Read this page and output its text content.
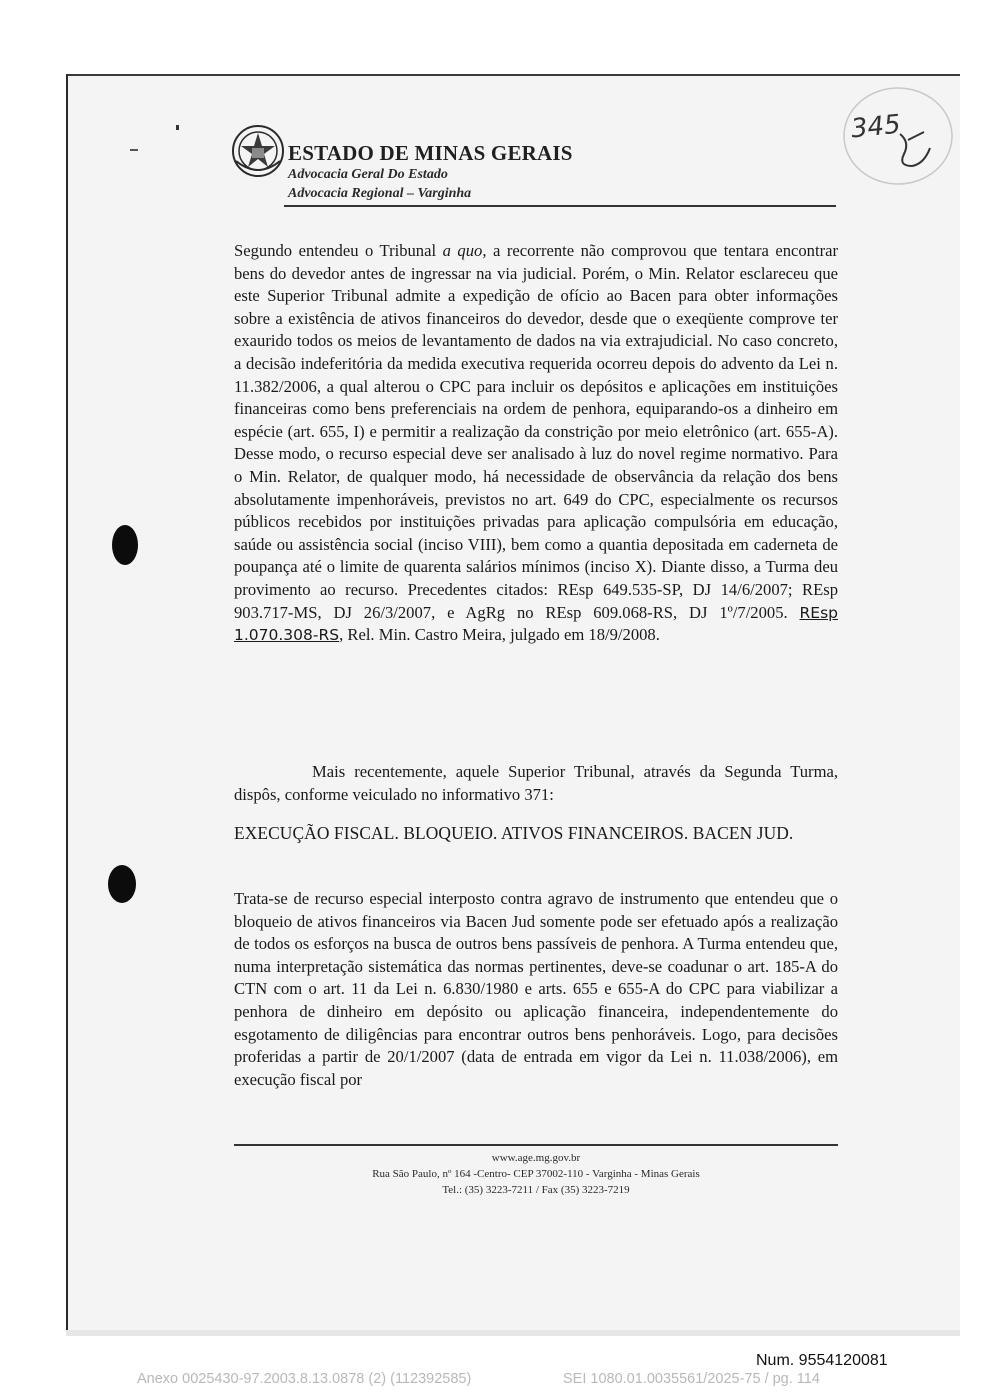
ESTADO DE MINAS GERAIS
Advocacia Geral Do Estado
Advocacia Regional – Varginha
345
Segundo entendeu o Tribunal a quo, a recorrente não comprovou que tentara encontrar bens do devedor antes de ingressar na via judicial. Porém, o Min. Relator esclareceu que este Superior Tribunal admite a expedição de ofício ao Bacen para obter informações sobre a existência de ativos financeiros do devedor, desde que o exeqüente comprove ter exaurido todos os meios de levantamento de dados na via extrajudicial. No caso concreto, a decisão indeferitória da medida executiva requerida ocorreu depois do advento da Lei n. 11.382/2006, a qual alterou o CPC para incluir os depósitos e aplicações em instituições financeiras como bens preferenciais na ordem de penhora, equiparando-os a dinheiro em espécie (art. 655, I) e permitir a realização da constrição por meio eletrônico (art. 655-A). Desse modo, o recurso especial deve ser analisado à luz do novel regime normativo. Para o Min. Relator, de qualquer modo, há necessidade de observância da relação dos bens absolutamente impenhoráveis, previstos no art. 649 do CPC, especialmente os recursos públicos recebidos por instituições privadas para aplicação compulsória em educação, saúde ou assistência social (inciso VIII), bem como a quantia depositada em caderneta de poupança até o limite de quarenta salários mínimos (inciso X). Diante disso, a Turma deu provimento ao recurso. Precedentes citados: REsp 649.535-SP, DJ 14/6/2007; REsp 903.717-MS, DJ 26/3/2007, e AgRg no REsp 609.068-RS, DJ 1º/7/2005. REsp 1.070.308-RS, Rel. Min. Castro Meira, julgado em 18/9/2008.
Mais recentemente, aquele Superior Tribunal, através da Segunda Turma, dispôs, conforme veiculado no informativo 371:
EXECUÇÃO FISCAL. BLOQUEIO. ATIVOS FINANCEIROS. BACEN JUD.
Trata-se de recurso especial interposto contra agravo de instrumento que entendeu que o bloqueio de ativos financeiros via Bacen Jud somente pode ser efetuado após a realização de todos os esforços na busca de outros bens passíveis de penhora. A Turma entendeu que, numa interpretação sistemática das normas pertinentes, deve-se coadunar o art. 185-A do CTN com o art. 11 da Lei n. 6.830/1980 e arts. 655 e 655-A do CPC para viabilizar a penhora de dinheiro em depósito ou aplicação financeira, independentemente do esgotamento de diligências para encontrar outros bens penhoráveis. Logo, para decisões proferidas a partir de 20/1/2007 (data de entrada em vigor da Lei n. 11.038/2006), em execução fiscal por
www.age.mg.gov.br
Rua São Paulo, nº 164 -Centro- CEP 37002-110 - Varginha - Minas Gerais
Tel.: (35) 3223-7211 / Fax (35) 3223-7219
Num. 9554120081
Anexo 0025430-97.2003.8.13.0878 (2) (112392585)	SEI 1080.01.0035561/2025-75 / pg. 114
